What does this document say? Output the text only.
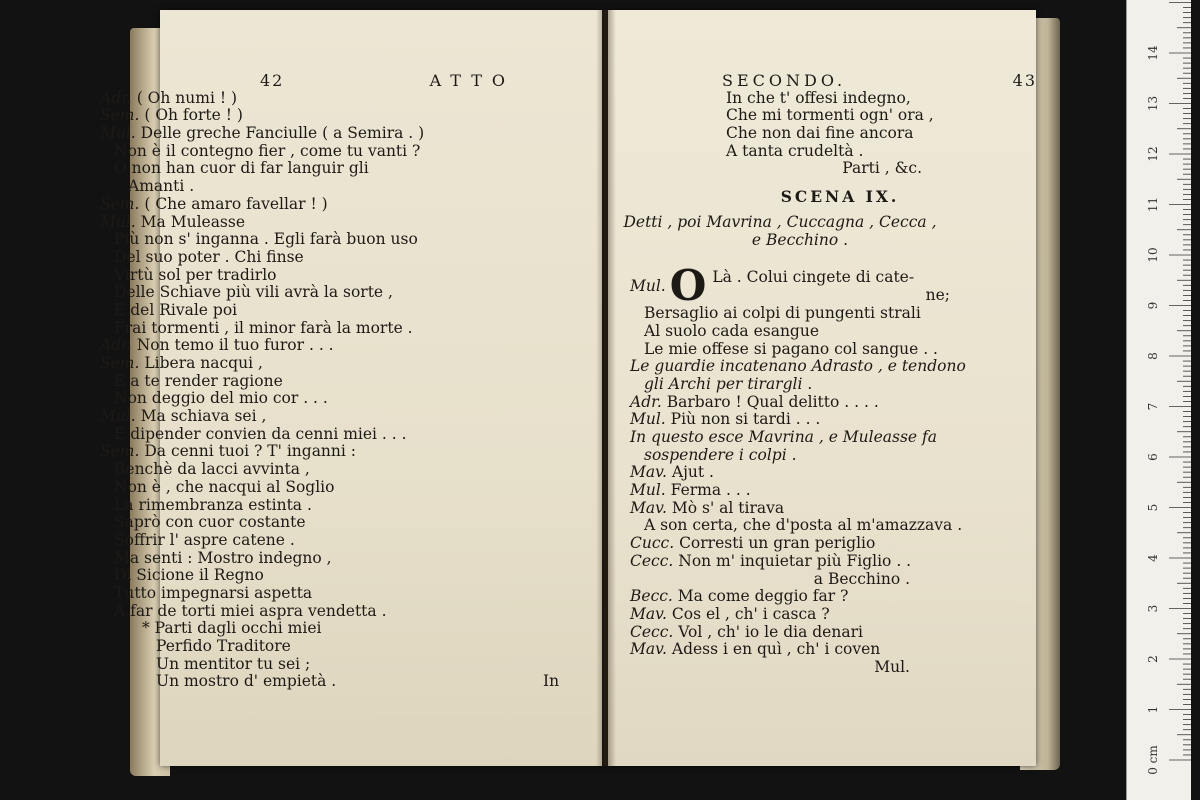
42	ATTO
Adr. ( Oh numi ! )
Sem. ( Oh forte ! )
Mul. Delle greche Fanciulle ( a Semira . )
Non è il contegno fier , come tu vanti ?
O non han cuor di far languir gli
Amanti .
Sem. ( Che amaro favellar ! )
Mul. Ma Muleasse
Più non s' inganna . Egli farà buon uso
Del suo poter . Chi finse
Virtù sol per tradirlo
Delle Schiave più vili avrà la sorte ,
E del Rivale poi
Frai tormenti , il minor farà la morte .
Adr. Non temo il tuo furor . . .
Sem. Libera nacqui ,
E a te render ragione
Non deggio del mio cor . . .
Mul. Ma schiava sei ,
E dipender convien da cenni miei . . .
Sem. Da cenni tuoi ? T' inganni :
Benchè da lacci avvinta ,
Non è , che nacqui al Soglio
La rimembranza estinta .
Saprò con cuor costante
Soffrir l' aspre catene .
Ma senti : Mostro indegno ,
Di Sicione il Regno
Tutto impegnarsi aspetta
A far de torti miei aspra vendetta .
* Parti dagli occhi miei
Perfido Traditore
Un mentitor tu sei ;
Un mostro d' empietà .	In
SECONDO.	43
In che t' offesi indegno,
Che mi tormenti ogn' ora ,
Che non dai fine ancora
A tanta crudeltà .
Parti , &c.
SCENA IX.
Detti , poi Mavrina , Cuccagna , Cecca ,
e Becchino .
Mul. O Là . Colui cingete di cate-
ne;
Bersaglio ai colpi di pungenti strali
Al suolo cada esangue
Le mie offese si pagano col sangue . .
Le guardie incatenano Adrasto , e tendono
gli Archi per tirargli .
Adr. Barbaro ! Qual delitto . . . .
Mul. Più non si tardi . . .
In questo esce Mavrina , e Muleasse fa
sospendere i colpi .
Mav. Ajut .
Mul. Ferma . . .
Mav. Mò s' al tirava
A son certa, che d'posta al m'amazzava .
Cucc. Corresti un gran periglio
Cecc. Non m' inquietar più Figlio . .
a Becchino .
Becc. Ma come deggio far ?
Mav. Cos el , ch' i casca ?
Cecc. Vol , ch' io le dia denari
Mav. Adess i en quì , ch' i coven
Mul.
0 cm
1
2
3
4
5
6
7
8
9
10
11
12
13
14
